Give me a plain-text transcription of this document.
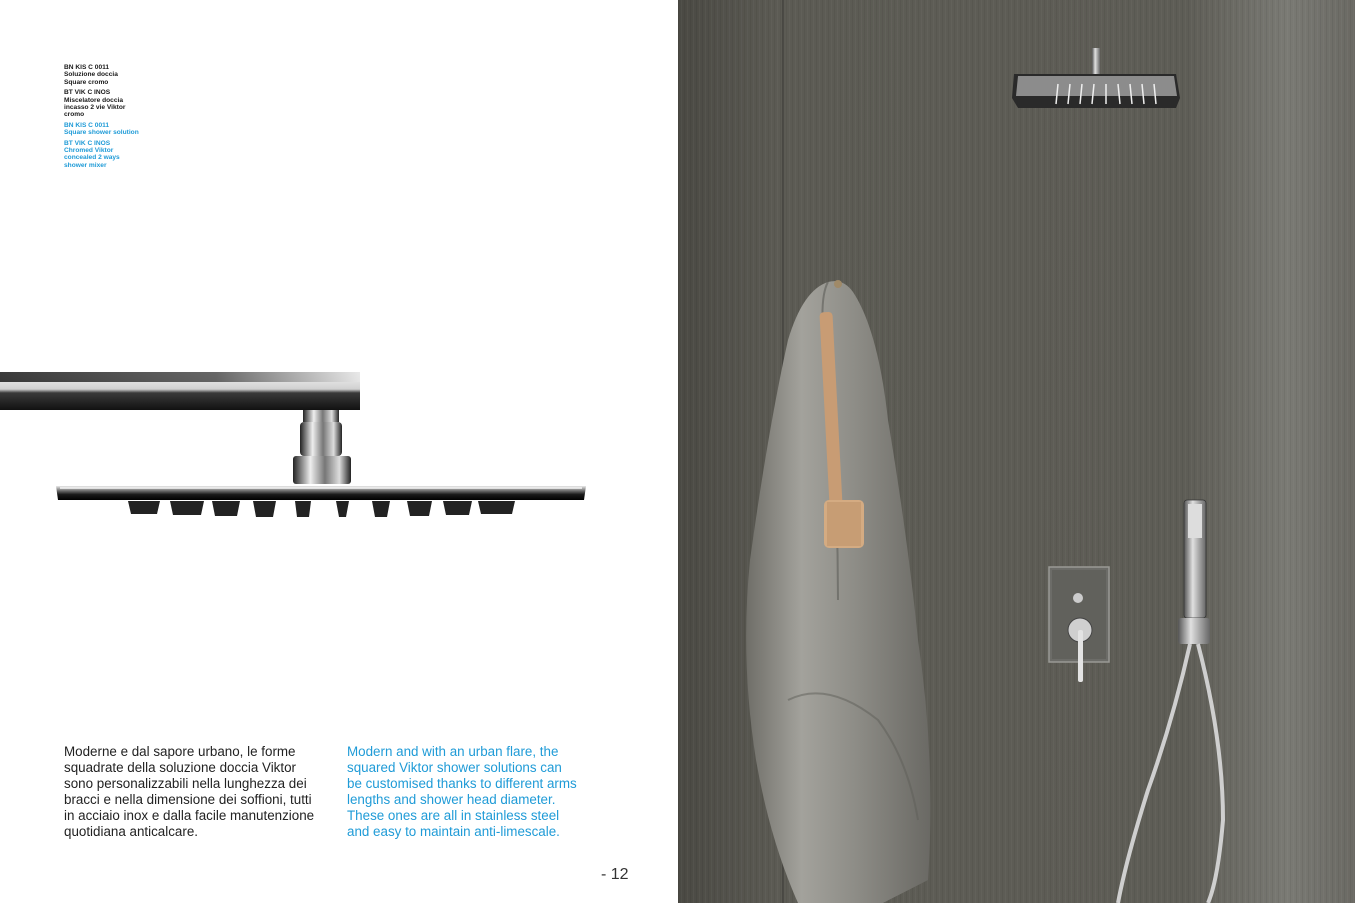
BN KIS C 0011
Soluzione doccia
Square cromo
BT VIK C INOS
Miscelatore doccia
incasso 2 vie Viktor
cromo
BN KIS C 0011
Square shower solution
BT VIK C INOS
Chromed Viktor
concealed 2 ways
shower mixer
Moderne e dal sapore urbano, le forme
squadrate della soluzione doccia Viktor
sono personalizzabili nella lunghezza dei
bracci e nella dimensione dei soffioni, tutti
in acciaio inox e dalla facile manutenzione
quotidiana anticalcare.
Modern and with an urban flare, the
squared Viktor shower solutions can
be customised thanks to different arms
lengths and shower head diameter.
These ones are all in stainless steel
and easy to maintain anti-limescale.
- 12
